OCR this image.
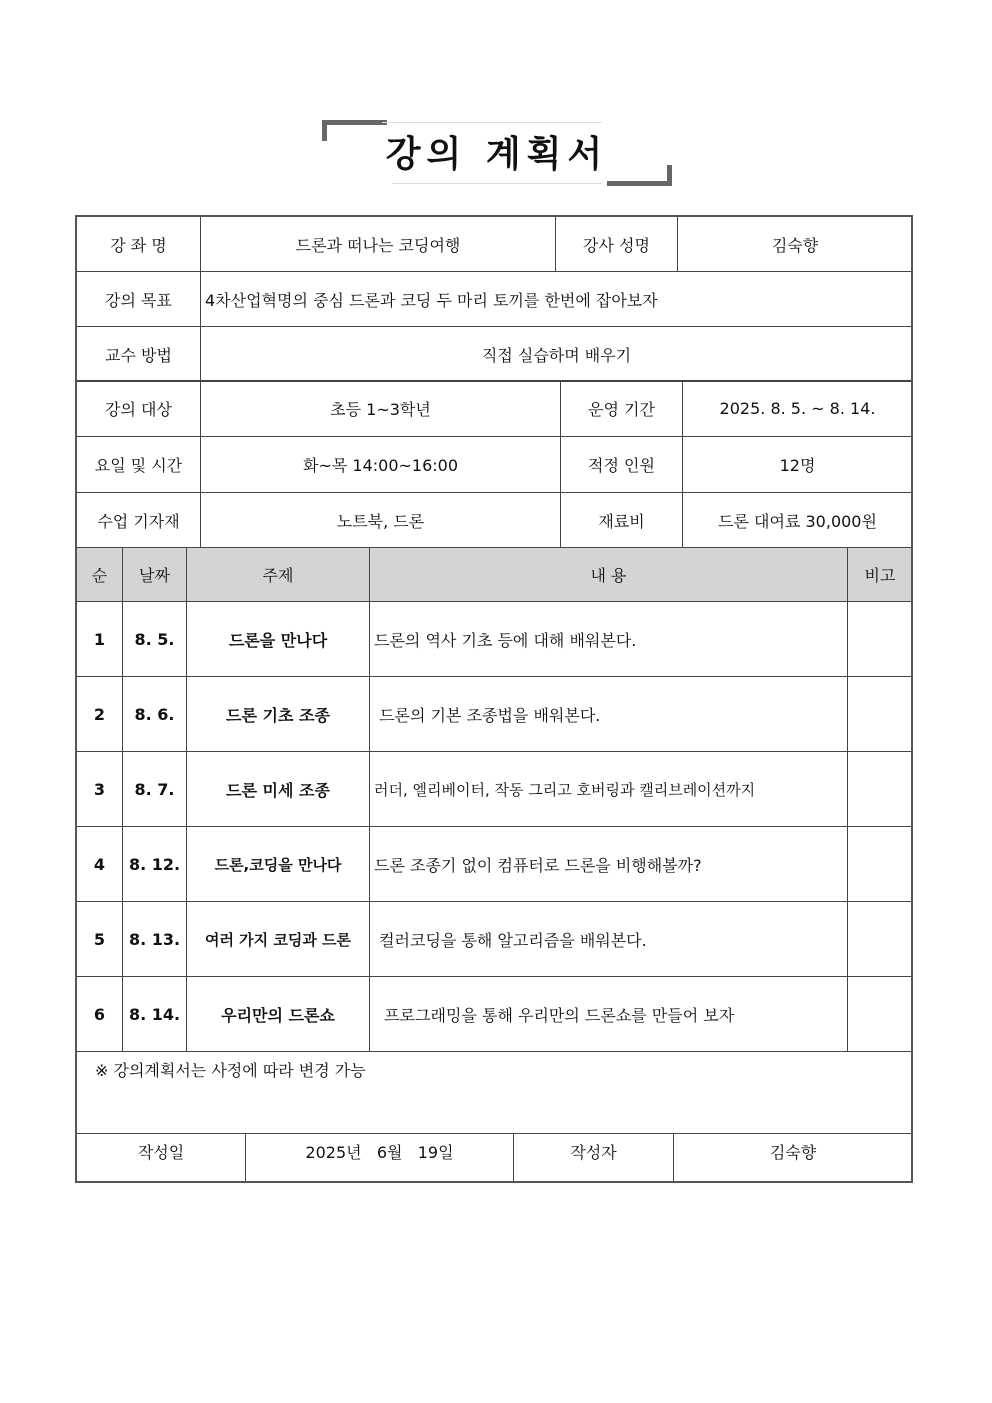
강의 계획서
강 좌 명	드론과 떠나는 코딩여행	강사 성명	김숙향
강의 목표	4차산업혁명의 중심 드론과 코딩 두 마리 토끼를 한번에 잡아보자		
교수 방법	직접 실습하며 배우기		
강의 대상	초등 1~3학년	운영 기간	2025. 8. 5. ~ 8. 14.
요일 및 시간	화~목 14:00~16:00	적정 인원	12명
수업 기자재	노트북, 드론	재료비	드론 대여료 30,000원
순	날짜	주제	내 용	비고
1	8. 5.	드론을 만나다	드론의 역사 기초 등에 대해 배워본다.	
2	8. 6.	드론 기초 조종	드론의 기본 조종법을 배워본다.	
3	8. 7.	드론 미세 조종	러더, 엘리베이터, 작동 그리고 호버링과 캘리브레이션까지	
4	8. 12.	드론,코딩을 만나다	드론 조종기 없이 컴퓨터로 드론을 비행해볼까?	
5	8. 13.	여러 가지 코딩과 드론	컬러코딩을 통해 알고리즘을 배워본다.	
6	8. 14.	우리만의 드론쇼	프로그래밍을 통해 우리만의 드론쇼를 만들어 보자	
※ 강의계획서는 사정에 따라 변경 가능
작성일	2025년   6월   19일	작성자	김숙향
